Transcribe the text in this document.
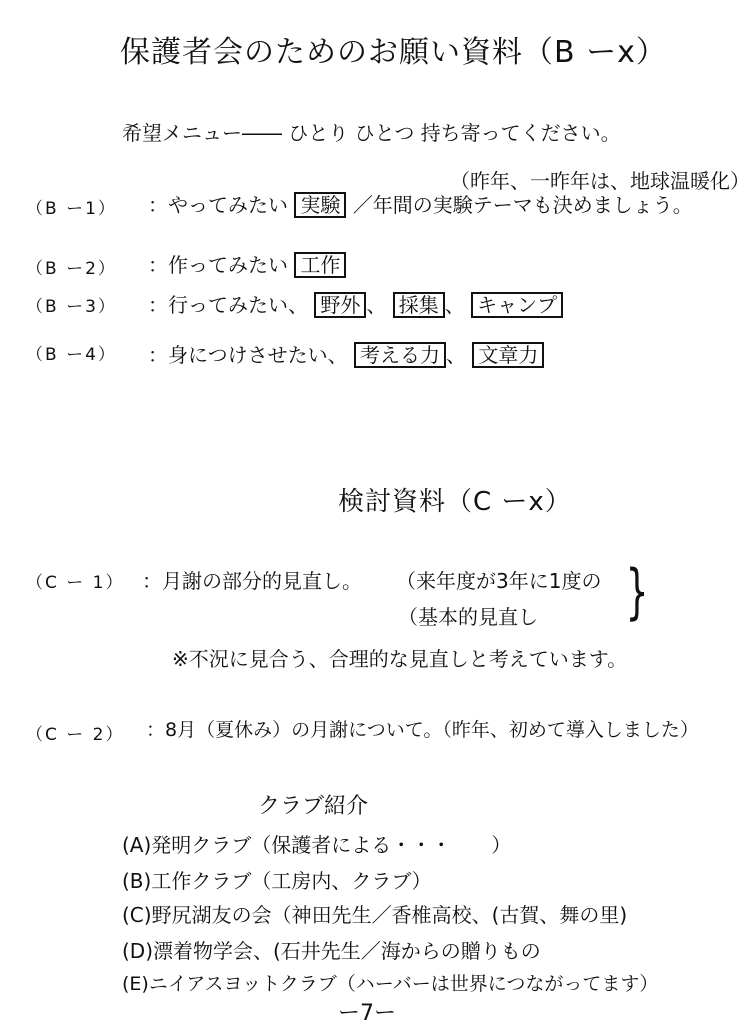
保護者会のためのお願い資料（B ーx）
希望メニュー―― ひとり ひとつ 持ち寄ってください。
（昨年、一昨年は、地球温暖化）
（B ー1） ：やってみたい 実験 ／年間の実験テーマも決めましょう。
（B ー2） ：作ってみたい 工作
（B ー3） ：行ってみたい、 野外 、 採集 、 キャンプ
（B ー4） ：身につけさせたい、 考える力 、 文章力
検討資料（C ーx）
（C ー 1） ：月謝の部分的見直し。 （来年度が3年に1度の
（基本的見直し }
※不況に見合う、合理的な見直しと考えています。
（C ー 2） ：8月（夏休み）の月謝について。（昨年、初めて導入しました）
クラブ紹介
(A)発明クラブ（保護者による・・・　　）
(B)工作クラブ（工房内、クラブ）
(C)野尻湖友の会（神田先生／香椎高校、(古賀、舞の里)
(D)漂着物学会、(石井先生／海からの贈りもの
(E)ニイアスヨットクラブ（ハーバーは世界につながってます）
ー7ー
